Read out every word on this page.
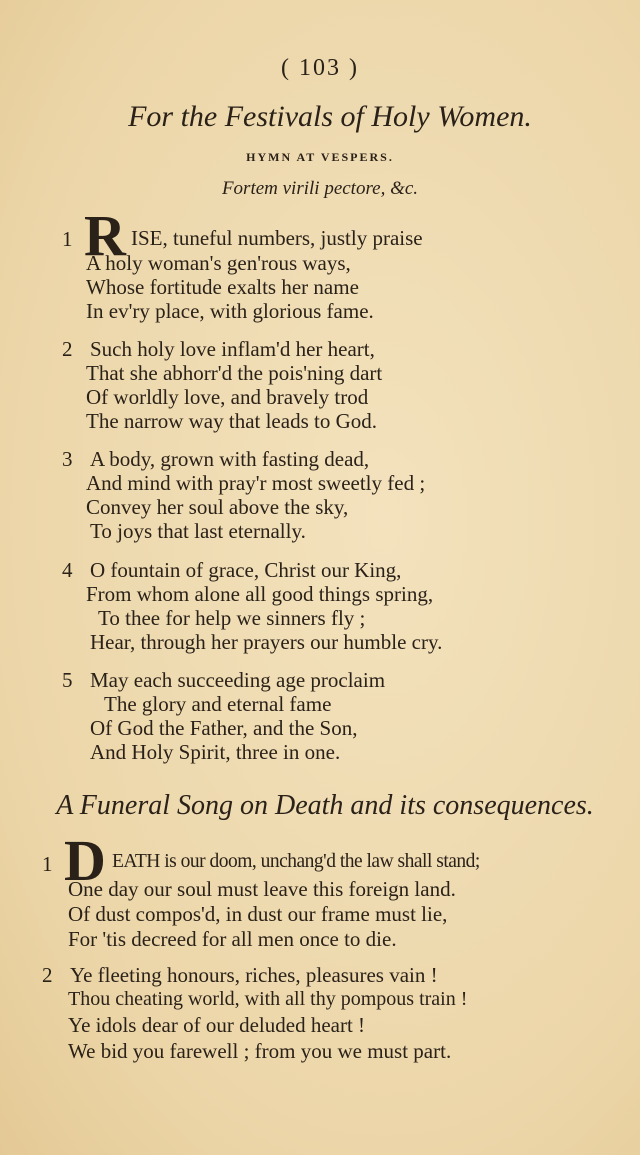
( 103 )
For the Festivals of Holy Women.
HYMN AT VESPERS.
Fortem virili pectore, &c.
1 R ISE, tuneful numbers, justly praise
A holy woman's gen'rous ways,
Whose fortitude exalts her name
In ev'ry place, with glorious fame.
2 Such holy love inflam'd her heart,
That she abhorr'd the pois'ning dart
Of worldly love, and bravely trod
The narrow way that leads to God.
3 A body, grown with fasting dead,
And mind with pray'r most sweetly fed ;
Convey her soul above the sky,
To joys that last eternally.
4 O fountain of grace, Christ our King,
From whom alone all good things spring,
To thee for help we sinners fly ;
Hear, through her prayers our humble cry.
5 May each succeeding age proclaim
The glory and eternal fame
Of God the Father, and the Son,
And Holy Spirit, three in one.
A Funeral Song on Death and its consequences.
1 D EATH is our doom, unchang'd the law shall stand;
One day our soul must leave this foreign land.
Of dust compos'd, in dust our frame must lie,
For 'tis decreed for all men once to die.
2 Ye fleeting honours, riches, pleasures vain !
Thou cheating world, with all thy pompous train !
Ye idols dear of our deluded heart !
We bid you farewell ; from you we must part.
